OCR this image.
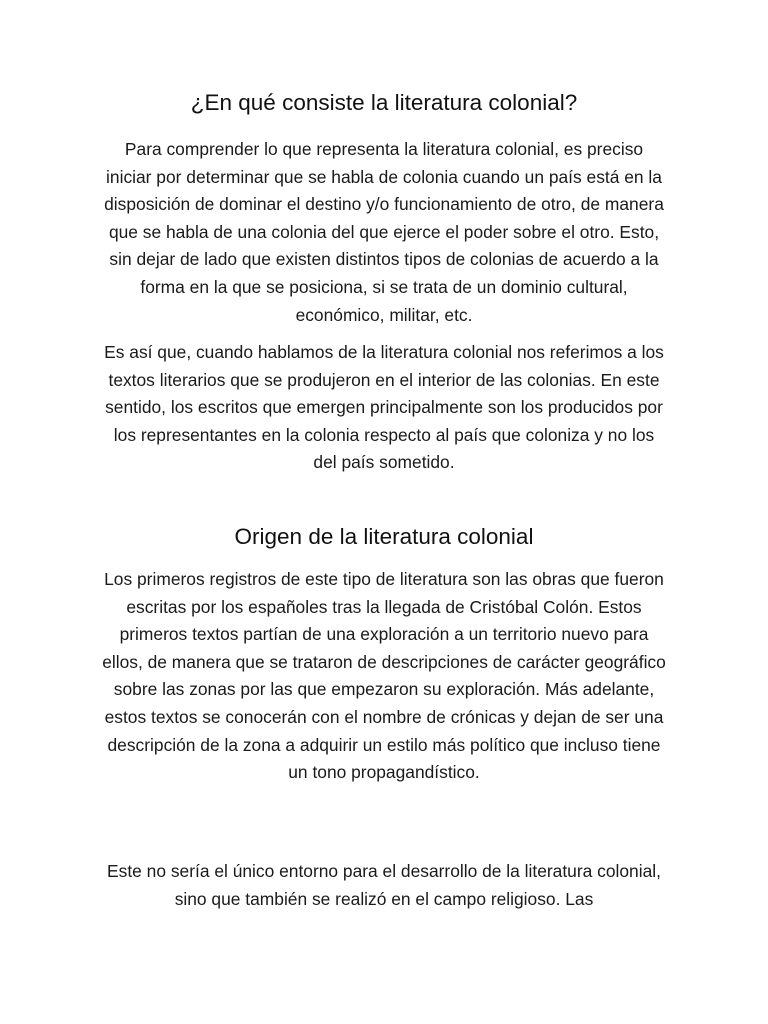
¿En qué consiste la literatura colonial?

Para comprender lo que representa la literatura colonial, es preciso iniciar por determinar que se habla de colonia cuando un país está en la disposición de dominar el destino y/o funcionamiento de otro, de manera que se habla de una colonia del que ejerce el poder sobre el otro. Esto, sin dejar de lado que existen distintos tipos de colonias de acuerdo a la forma en la que se posiciona, si se trata de un dominio cultural, económico, militar, etc.

Es así que, cuando hablamos de la literatura colonial nos referimos a los textos literarios que se produjeron en el interior de las colonias. En este sentido, los escritos que emergen principalmente son los producidos por los representantes en la colonia respecto al país que coloniza y no los del país sometido.

Origen de la literatura colonial

Los primeros registros de este tipo de literatura son las obras que fueron escritas por los españoles tras la llegada de Cristóbal Colón. Estos primeros textos partían de una exploración a un territorio nuevo para ellos, de manera que se trataron de descripciones de carácter geográfico sobre las zonas por las que empezaron su exploración. Más adelante, estos textos se conocerán con el nombre de crónicas y dejan de ser una descripción de la zona a adquirir un estilo más político que incluso tiene un tono propagandístico.

Este no sería el único entorno para el desarrollo de la literatura colonial, sino que también se realizó en el campo religioso. Las
